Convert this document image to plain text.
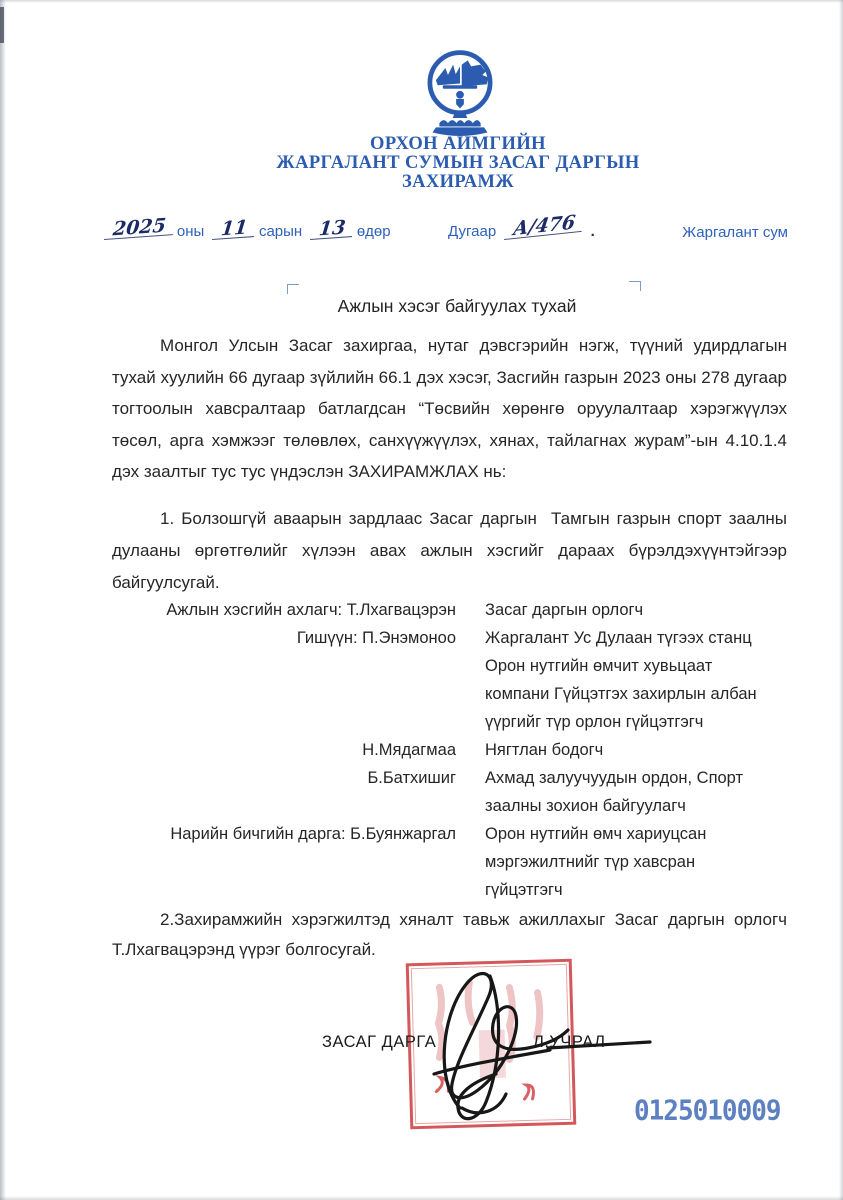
ОРХОН АЙМГИЙН
ЖАРГАЛАНТ СУМЫН ЗАСАГ ДАРГЫН
ЗАХИРАМЖ
2025 оны 11 сарын 13 өдөр	Дугаар А/476 .	Жаргалант сум
Ажлын хэсэг байгуулах тухай

Монгол Улсын Засаг захиргаа, нутаг дэвсгэрийн нэгж, түүний удирдлагын тухай хуулийн 66 дугаар зүйлийн 66.1 дэх хэсэг, Засгийн газрын 2023 оны 278 дугаар тогтоолын хавсралтаар батлагдсан “Төсвийн хөрөнгө оруулалтаар хэрэгжүүлэх төсөл, арга хэмжээг төлөвлөх, санхүүжүүлэх, хянах, тайлагнах журам”-ын 4.10.1.4 дэх заалтыг тус тус үндэслэн ЗАХИРАМЖЛАХ нь:

1. Болзошгүй аваарын зардлаас Засаг даргын  Тамгын газрын спорт заалны дулааны өргөтгөлийг хүлээн авах ажлын хэсгийг дараах бүрэлдэхүүнтэйгээр байгуулсугай.

Ажлын хэсгийн ахлагч: Т.Лхагвацэрэн Засаг даргын орлогч
Гишүүн: П.Энэмоноо Жаргалант Ус Дулаан түгээх станц
Орон нутгийн өмчит хувьцаат
компани Гүйцэтгэх захирлын албан
үүргийг түр орлон гүйцэтгэгч
Н.Мядагмаа Нягтлан бодогч
Б.Батхишиг Ахмад залуучуудын ордон, Спорт
заалны зохион байгуулагч
Нарийн бичгийн дарга: Б.Буянжаргал Орон нутгийн өмч хариуцсан
мэргэжилтнийг түр хавсран
гүйцэтгэгч

2.Захирамжийн хэрэгжилтэд хяналт тавьж ажиллахыг Засаг даргын орлогч Т.Лхагвацэрэнд үүрэг болгосугай.

ЗАСАГ ДАРГА	Л.УЧРАЛ
0125010009
